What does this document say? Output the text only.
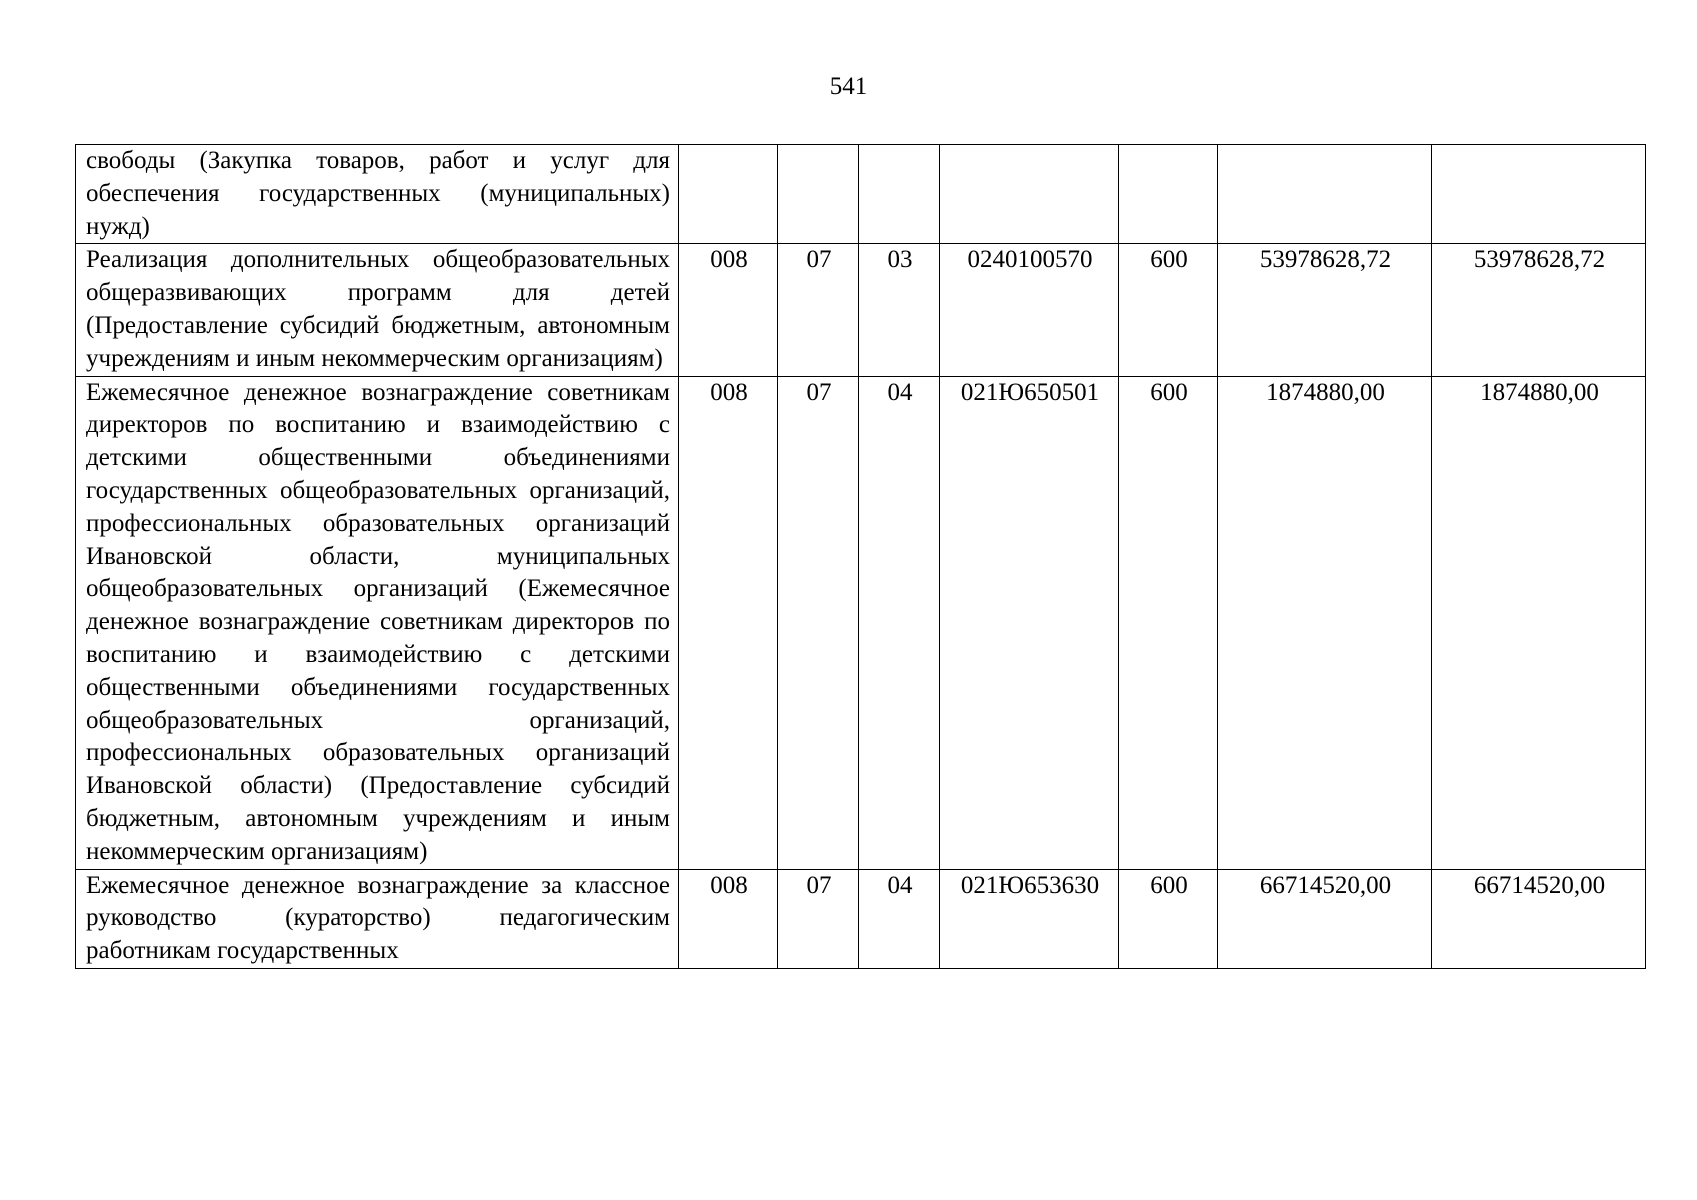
541
свободы (Закупка товаров, работ и услуг для обеспечения государственных (муниципальных) нужд)							
Реализация дополнительных общеобразовательных общеразвивающих программ для детей (Предоставление субсидий бюджетным, автономным учреждениям и иным некоммерческим организациям)	008	07	03	0240100570	600	53978628,72	53978628,72
Ежемесячное денежное вознаграждение советникам директоров по воспитанию и взаимодействию с детскими общественными объединениями государственных общеобразовательных организаций, профессиональных образовательных организаций Ивановской области, муниципальных общеобразовательных организаций (Ежемесячное денежное вознаграждение советникам директоров по воспитанию и взаимодействию с детскими общественными объединениями государственных общеобразовательных организаций, профессиональных образовательных организаций Ивановской области) (Предоставление субсидий бюджетным, автономным учреждениям и иным некоммерческим организациям)	008	07	04	021Ю650501	600	1874880,00	1874880,00
Ежемесячное денежное вознаграждение за классное руководство (кураторство) педагогическим работникам государственных	008	07	04	021Ю653630	600	66714520,00	66714520,00
